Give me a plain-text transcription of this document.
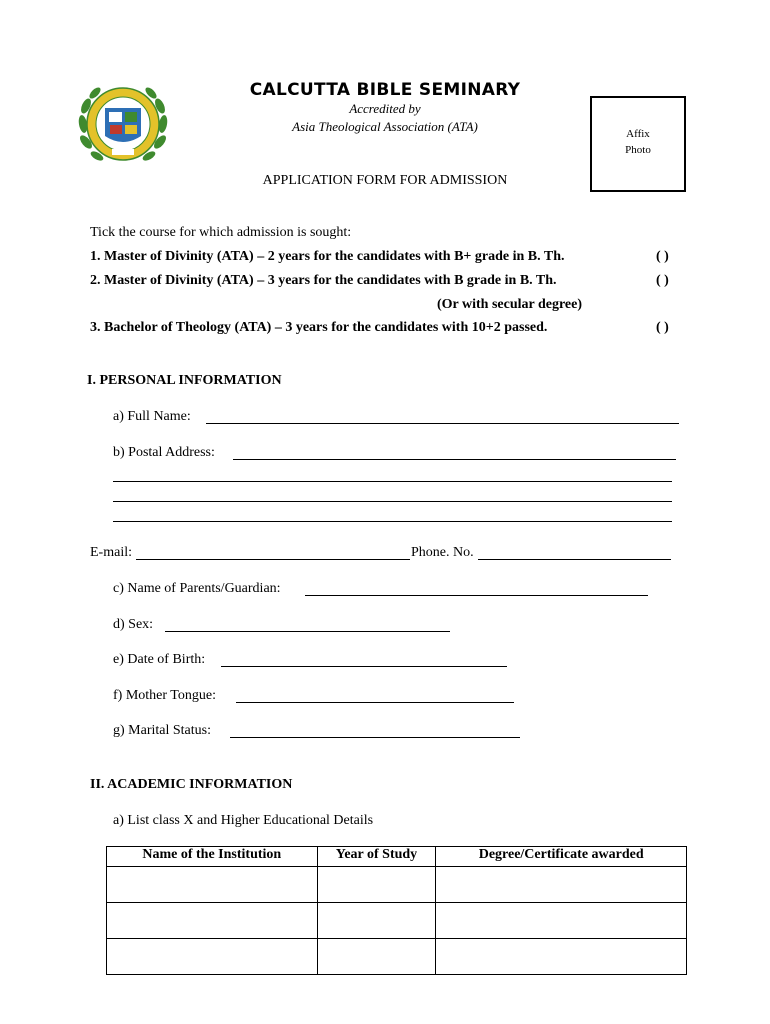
CALCUTTA BIBLE SEMINARY
Accredited by
Asia Theological Association (ATA)	Affix
Photo
APPLICATION FORM FOR ADMISSION
Tick the course for which admission is sought:
1. Master of Divinity (ATA) – 2 years for the candidates with B+ grade in B. Th.	( )
2. Master of Divinity (ATA) – 3 years for the candidates with B grade in B. Th.	( )
(Or with secular degree)
3. Bachelor of Theology (ATA) – 3 years for the candidates with 10+2 passed.	( )
I. PERSONAL INFORMATION
a) Full Name:
b) Postal Address:
E-mail:	Phone. No.
c) Name of Parents/Guardian:
d) Sex:
e) Date of Birth:
f) Mother Tongue:
g) Marital Status:
II. ACADEMIC INFORMATION
a) List class X and Higher Educational Details
Name of the Institution	Year of Study	Degree/Certificate awarded
